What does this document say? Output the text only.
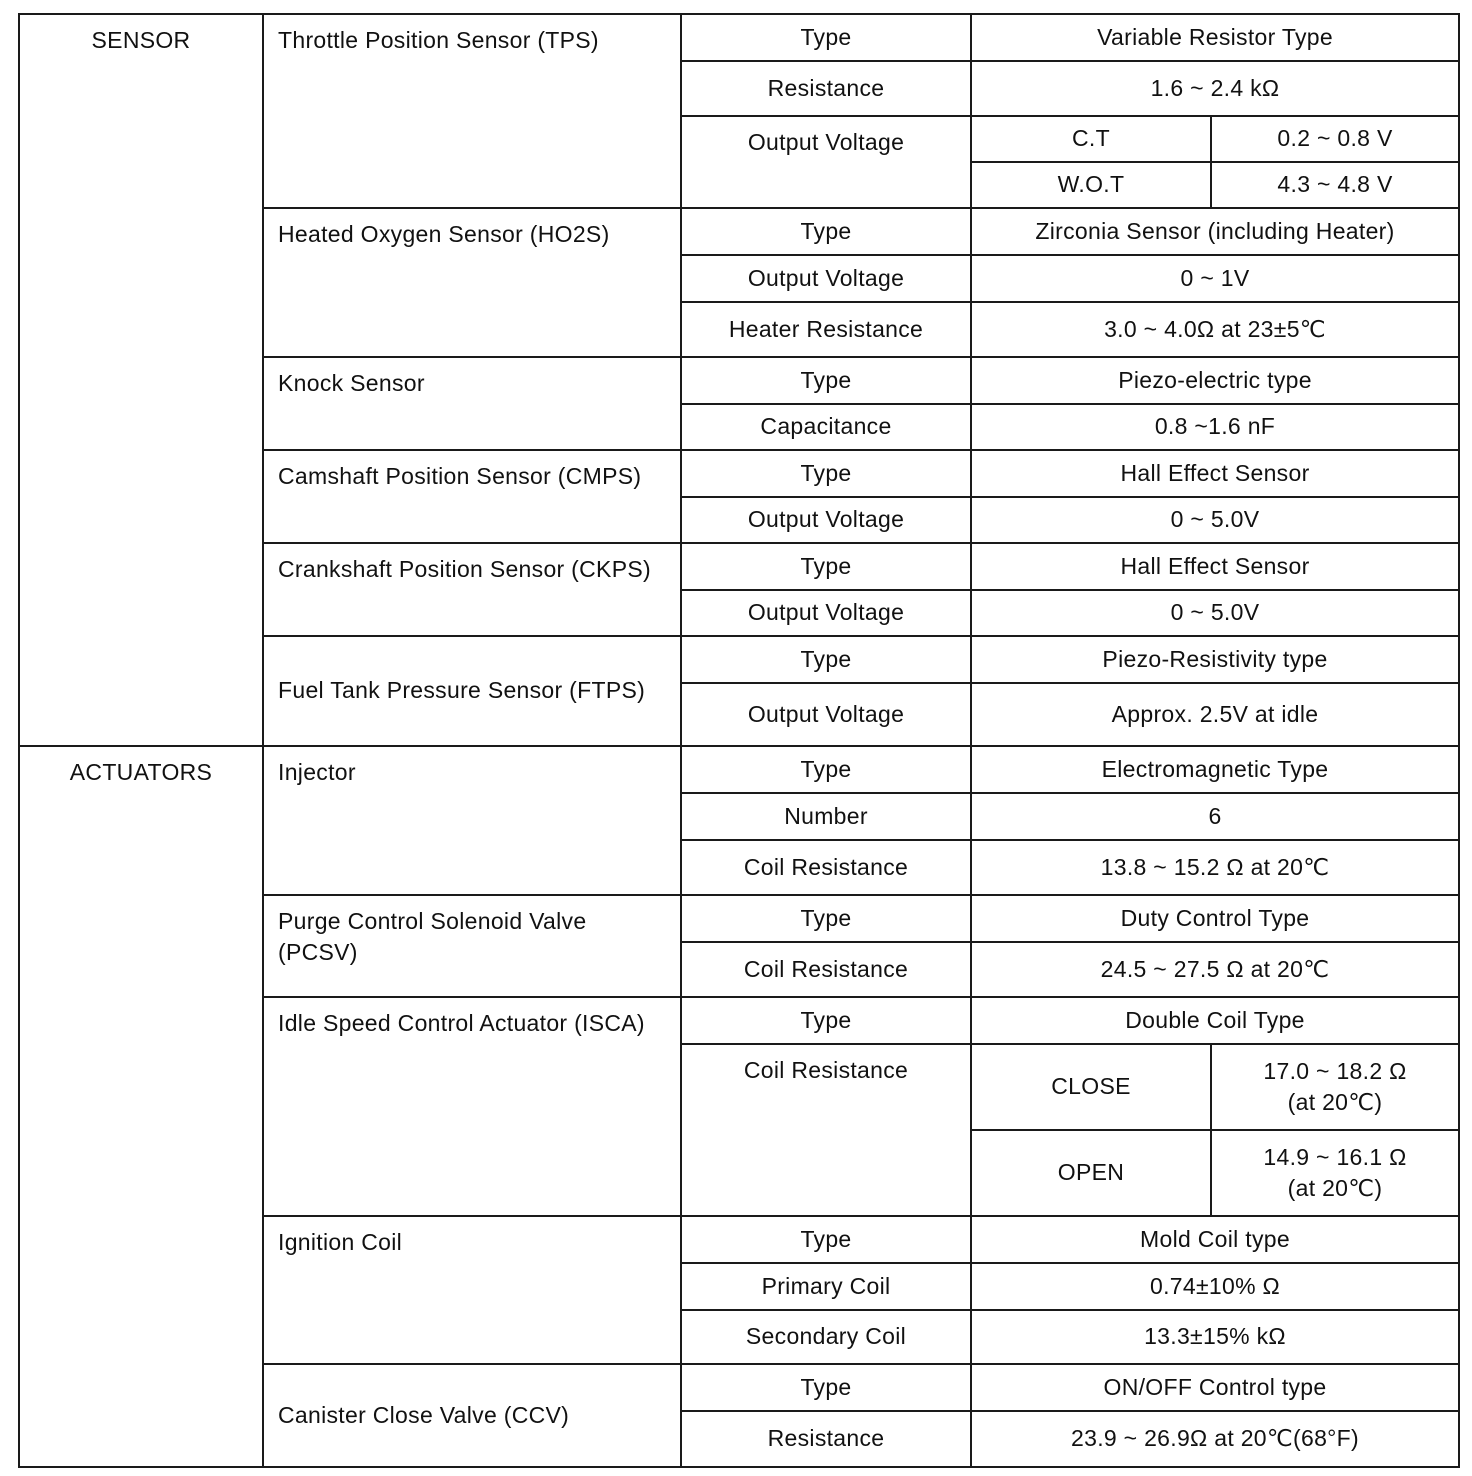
SENSOR	Throttle Position Sensor (TPS)	Type	Variable Resistor Type	
		Resistance	1.6 ~ 2.4 kΩ	
		Output Voltage	C.T	0.2 ~ 0.8 V
			W.O.T	4.3 ~ 4.8 V
	Heated Oxygen Sensor (HO2S)	Type	Zirconia Sensor (including Heater)	
		Output Voltage	0 ~ 1V	
		Heater Resistance	3.0 ~ 4.0Ω at 23±5℃	
	Knock Sensor	Type	Piezo-electric type	
		Capacitance	0.8 ~1.6 nF	
	Camshaft Position Sensor (CMPS)	Type	Hall Effect Sensor	
		Output Voltage	0 ~ 5.0V	
	Crankshaft Position Sensor (CKPS)	Type	Hall Effect Sensor	
		Output Voltage	0 ~ 5.0V	
	Fuel Tank Pressure Sensor (FTPS)	Type	Piezo-Resistivity type	
		Output Voltage	Approx. 2.5V at idle	
ACTUATORS	Injector	Type	Electromagnetic Type	
		Number	6	
		Coil Resistance	13.8 ~ 15.2 Ω at 20℃	
	Purge Control Solenoid Valve (PCSV)	Type	Duty Control Type	
		Coil Resistance	24.5 ~ 27.5 Ω at 20℃	
	Idle Speed Control Actuator (ISCA)	Type	Double Coil Type	
		Coil Resistance	CLOSE	17.0 ~ 18.2 Ω
(at 20℃)

			OPEN	14.9 ~ 16.1 Ω
(at 20℃)

	Ignition Coil	Type	Mold Coil type	
		Primary Coil	0.74±10% Ω	
		Secondary Coil	13.3±15% kΩ	
	Canister Close Valve (CCV)	Type	ON/OFF Control type	
		Resistance	23.9 ~ 26.9Ω at 20℃(68°F)	
